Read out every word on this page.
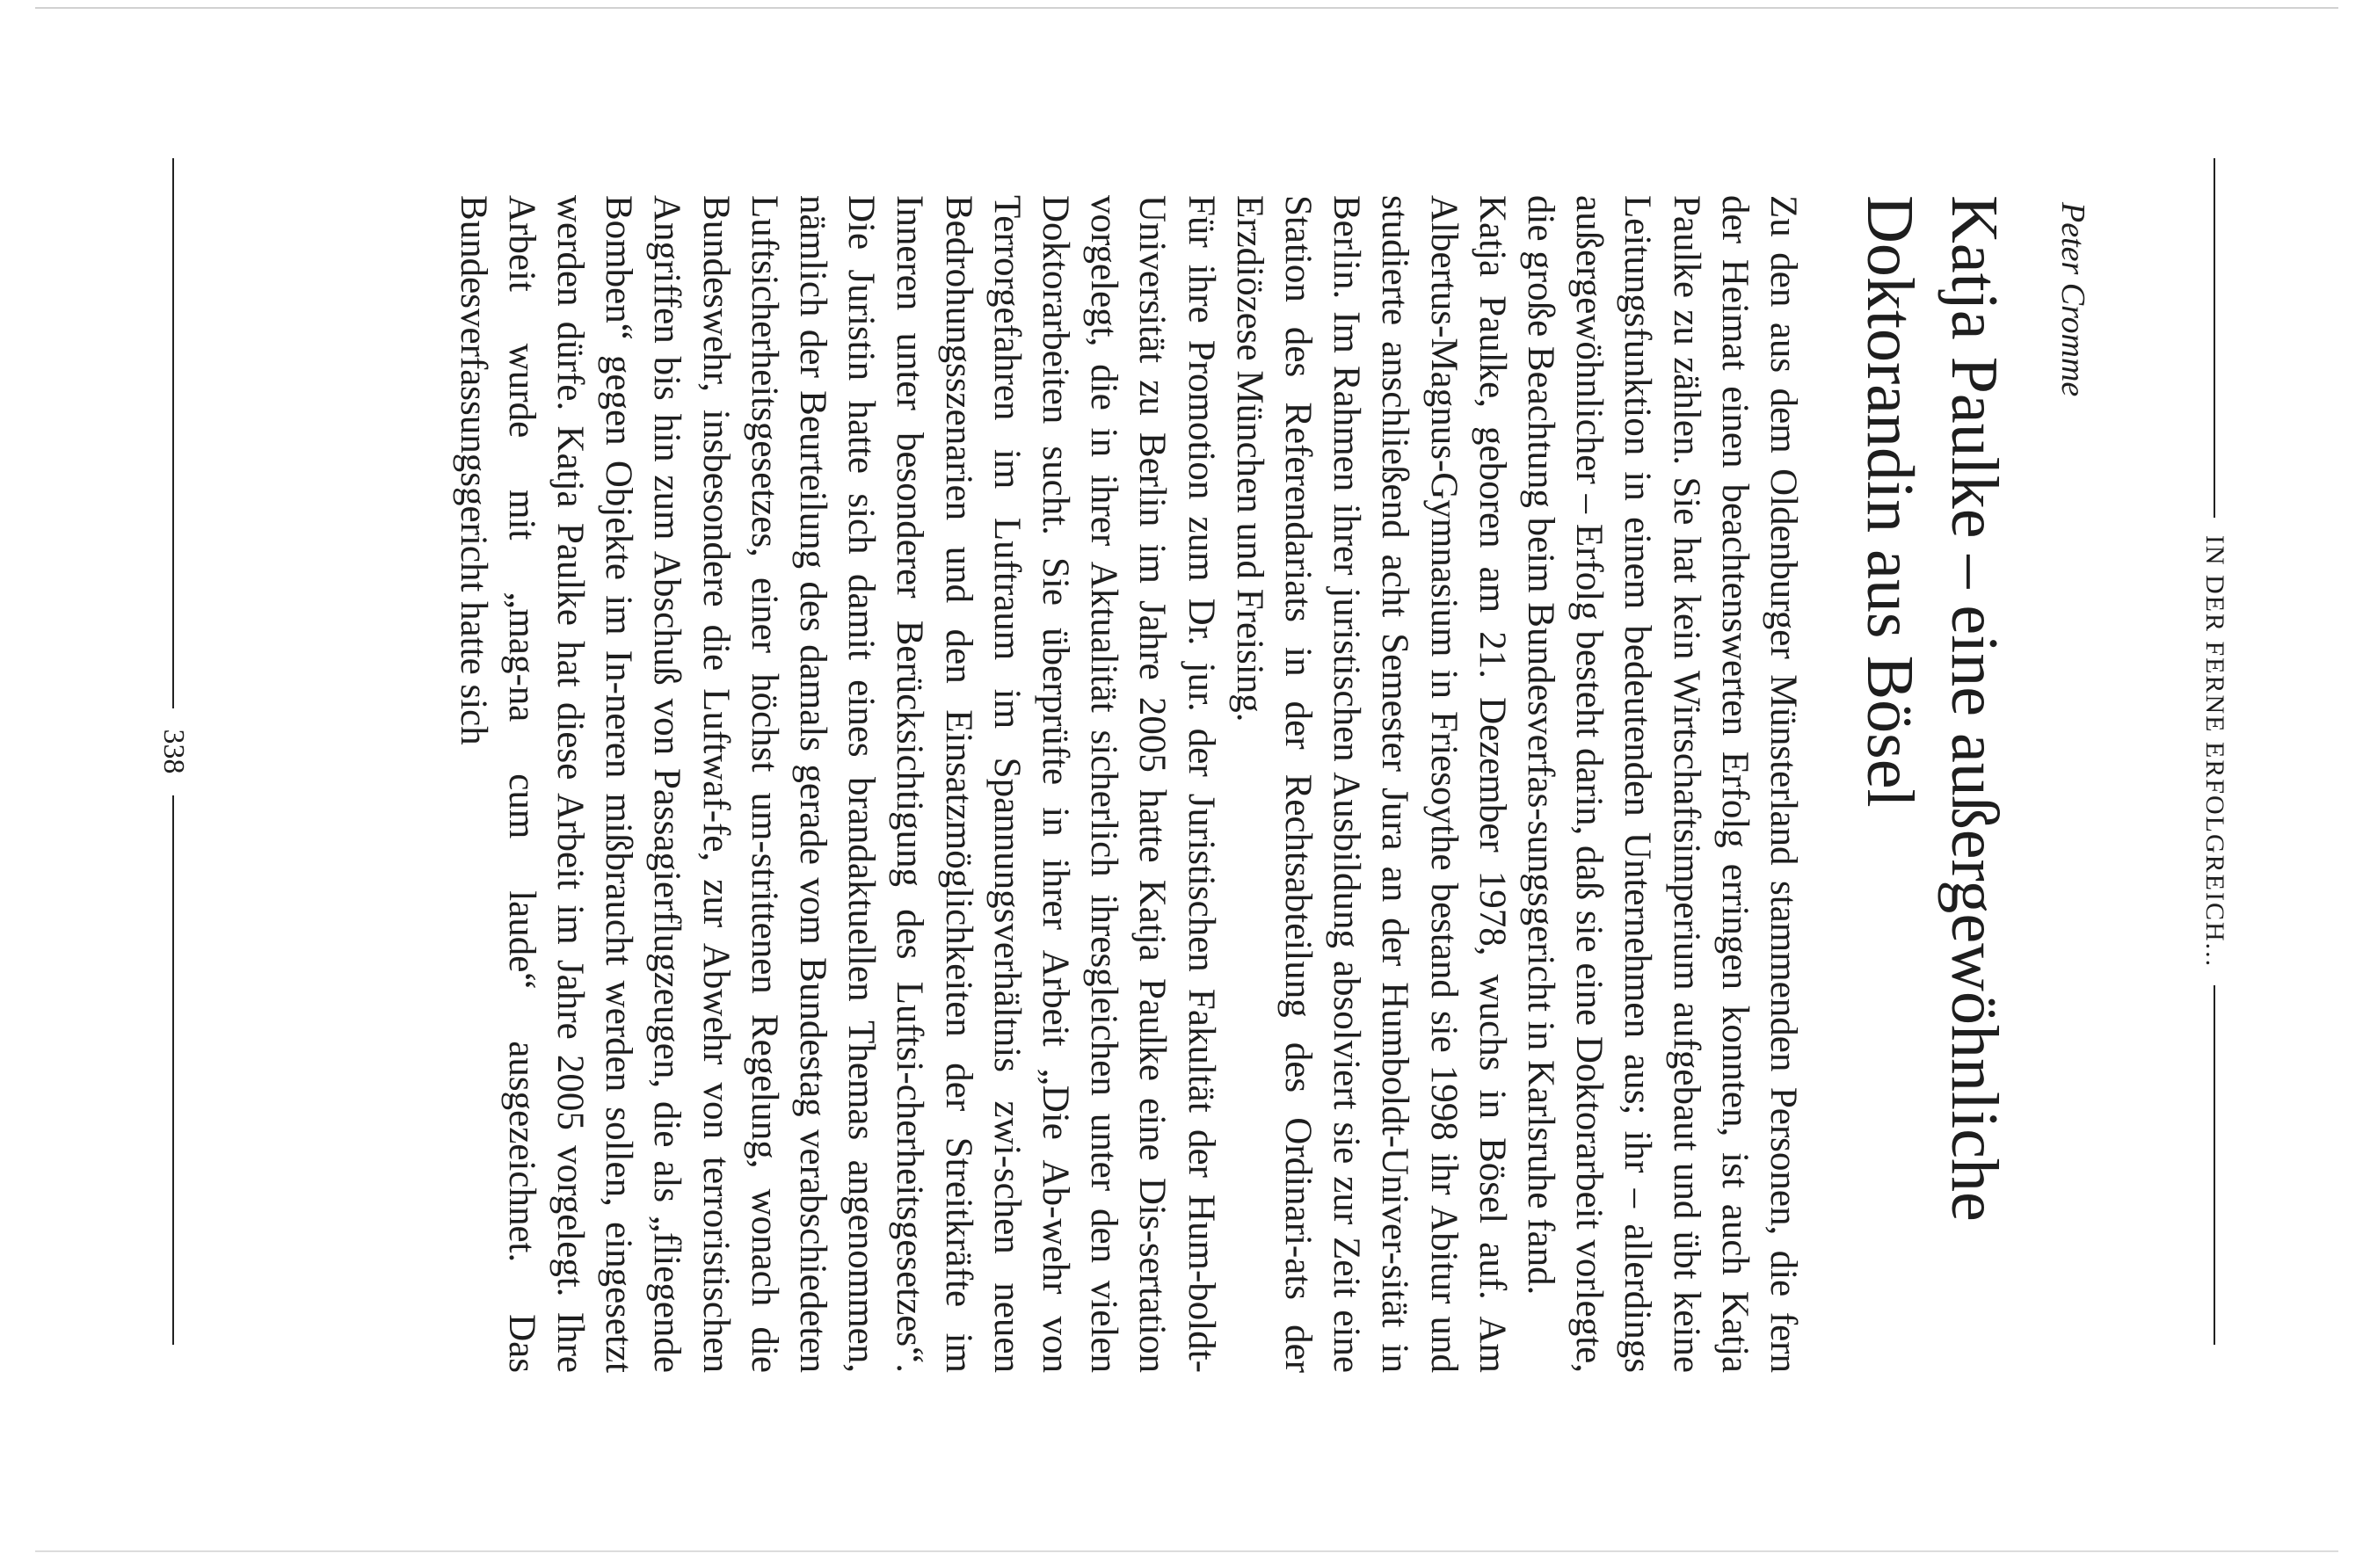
IN DER FERNE ERFOLGREICH...
Peter Cromme
Katja Paulke – eine außergewöhnliche
Doktorandin aus Bösel

Zu den aus dem Oldenburger Münsterland stammenden Personen, die fern der Heimat einen beachtenswerten Erfolg erringen konnten, ist auch Katja Paulke zu zählen. Sie hat kein Wirtschaftsimperium aufgebaut und übt keine Leitungsfunktion in einem bedeutenden Unternehmen aus; ihr – allerdings außergewöhnlicher – Erfolg besteht darin, daß sie eine Doktorarbeit vorlegte, die große Beachtung beim Bundesverfas-sungsgericht in Karlsruhe fand.

Katja Paulke, geboren am 21. Dezember 1978, wuchs in Bösel auf. Am Albertus-Magnus-Gymnasium in Friesoythe bestand sie 1998 ihr Abitur und studierte anschließend acht Semester Jura an der Humboldt-Univer-sität in Berlin. Im Rahmen ihrer juristischen Ausbildung absolviert sie zur Zeit eine Station des Referendariats in der Rechtsabteilung des Ordinari-ats der Erzdiözese München und Freising.

Für ihre Promotion zum Dr. jur. der Juristischen Fakultät der Hum-boldt-Universität zu Berlin im Jahre 2005 hatte Katja Paulke eine Dis-sertation vorgelegt, die in ihrer Aktualität sicherlich ihresgleichen unter den vielen Doktorarbeiten sucht. Sie überprüfte in ihrer Arbeit „Die Ab-wehr von Terrorgefahren im Luftraum im Spannungsverhältnis zwi-schen neuen Bedrohungsszenarien und den Einsatzmöglichkeiten der Streitkräfte im Inneren unter besonderer Berücksichtigung des Luftsi-cherheitsgesetzes“. Die Juristin hatte sich damit eines brandaktuellen Themas angenommen, nämlich der Beurteilung des damals gerade vom Bundestag verabschiedeten Luftsicherheitsgesetzes, einer höchst um-strittenen Regelung, wonach die Bundeswehr, insbesondere die Luftwaf-fe, zur Abwehr von terroristischen Angriffen bis hin zum Abschuß von Passagierflugzeugen, die als „fliegende Bomben“ gegen Objekte im In-neren mißbraucht werden sollen, eingesetzt werden dürfe. Katja Paulke hat diese Arbeit im Jahre 2005 vorgelegt. Ihre Arbeit wurde mit „mag-na cum laude“ ausgezeichnet. Das Bundesverfassungsgericht hatte sich

338
